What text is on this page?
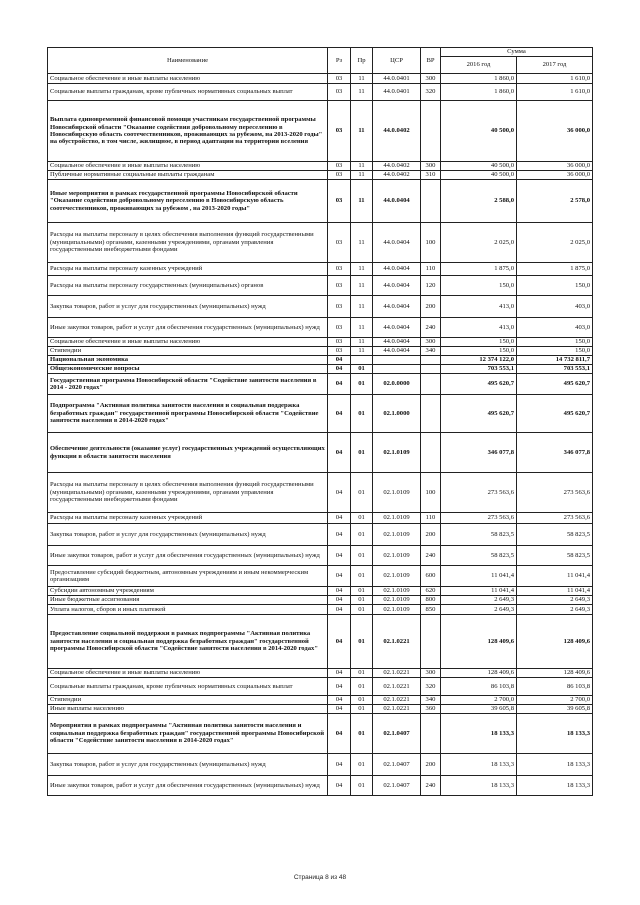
Наименование	Рз	Пр	ЦСР	ВР	Сумма	
					2016 год	2017 год
Социальное обеспечение и иные выплаты населению	03	11	44.0.0401	300	1 860,0	1 610,0
Социальные выплаты гражданам, кроме публичных нормативных социальных выплат	03	11	44.0.0401	320	1 860,0	1 610,0
Выплата единовременной финансовой помощи участникам государственной программы Новосибирской области "Оказание содействия добровольному переселению в Новосибирскую область соотечественников, проживающих за рубежом, на 2013-2020 годы" на обустройство, в том числе, жилищное, в период адаптации на территории вселения	03	11	44.0.0402		40 500,0	36 000,0
Социальное обеспечение и иные выплаты населению	03	11	44.0.0402	300	40 500,0	36 000,0
Публичные нормативные социальные выплаты гражданам	03	11	44.0.0402	310	40 500,0	36 000,0
Иные мероприятия в рамках государственной программы Новосибирской области "Оказание содействия добровольному переселению в Новосибирскую область соотечественников, проживающих за рубежом , на 2013-2020 годы"	03	11	44.0.0404		2 588,0	2 578,0
Расходы на выплаты персоналу в целях обеспечения выполнения функций государственными (муниципальными) органами, казенными учреждениями, органами управления государственными внебюджетными фондами	03	11	44.0.0404	100	2 025,0	2 025,0
Расходы на выплаты персоналу казенных учреждений	03	11	44.0.0404	110	1 875,0	1 875,0
Расходы на выплаты персоналу государственных (муниципальных) органов	03	11	44.0.0404	120	150,0	150,0
Закупка товаров, работ и услуг для государственных (муниципальных) нужд	03	11	44.0.0404	200	413,0	403,0
Иные закупки товаров, работ и услуг для обеспечения государственных (муниципальных) нужд	03	11	44.0.0404	240	413,0	403,0
Социальное обеспечение и иные выплаты населению	03	11	44.0.0404	300	150,0	150,0
Стипендии	03	11	44.0.0404	340	150,0	150,0
Национальная экономика	04				12 374 122,0	14 732 811,7
Общеэкономические вопросы	04	01			703 553,1	703 553,1
Государственная программа Новосибирской области "Содействие занятости населения в 2014 - 2020 годах"	04	01	02.0.0000		495 620,7	495 620,7
Подпрограмма "Активная политика занятости населения и социальная поддержка безработных граждан" государственной программы Новосибирской области "Содействие занятости населения в 2014-2020 годах"	04	01	02.1.0000		495 620,7	495 620,7
Обеспечение деятельности (оказание услуг) государственных учреждений осуществляющих функции в области занятости населения	04	01	02.1.0109		346 077,8	346 077,8
Расходы на выплаты персоналу в целях обеспечения выполнения функций государственными (муниципальными) органами, казенными учреждениями, органами управления государственными внебюджетными фондами	04	01	02.1.0109	100	273 563,6	273 563,6
Расходы на выплаты персоналу казенных учреждений	04	01	02.1.0109	110	273 563,6	273 563,6
Закупка товаров, работ и услуг для государственных (муниципальных) нужд	04	01	02.1.0109	200	58 823,5	58 823,5
Иные закупки товаров, работ и услуг для обеспечения государственных (муниципальных) нужд	04	01	02.1.0109	240	58 823,5	58 823,5
Предоставление субсидий бюджетным, автономным учреждениям и иным некоммерческим организациям	04	01	02.1.0109	600	11 041,4	11 041,4
Субсидии автономным учреждениям	04	01	02.1.0109	620	11 041,4	11 041,4
Иные бюджетные ассигнования	04	01	02.1.0109	800	2 649,3	2 649,3
Уплата налогов, сборов и иных платежей	04	01	02.1.0109	850	2 649,3	2 649,3
Предоставление социальной поддержки в рамках подпрограммы "Активная политика занятости населения и социальная поддержка безработных граждан" государственной программы Новосибирской области "Содействие занятости населения в 2014-2020 годах"	04	01	02.1.0221		128 409,6	128 409,6
Социальное обеспечение и иные выплаты населению	04	01	02.1.0221	300	128 409,6	128 409,6
Социальные выплаты гражданам, кроме публичных нормативных социальных выплат	04	01	02.1.0221	320	86 103,8	86 103,8
Стипендии	04	01	02.1.0221	340	2 700,0	2 700,0
Иные выплаты населению	04	01	02.1.0221	360	39 605,8	39 605,8
Мероприятия в рамках подпрограммы "Активная политика занятости населения и социальная поддержка безработных граждан" государственной программы Новосибирской области "Содействие занятости населения в 2014-2020 годах"	04	01	02.1.0407		18 133,3	18 133,3
Закупка товаров, работ и услуг для государственных (муниципальных) нужд	04	01	02.1.0407	200	18 133,3	18 133,3
Иные закупки товаров, работ и услуг для обеспечения государственных (муниципальных) нужд	04	01	02.1.0407	240	18 133,3	18 133,3
Страница 8 из 48
